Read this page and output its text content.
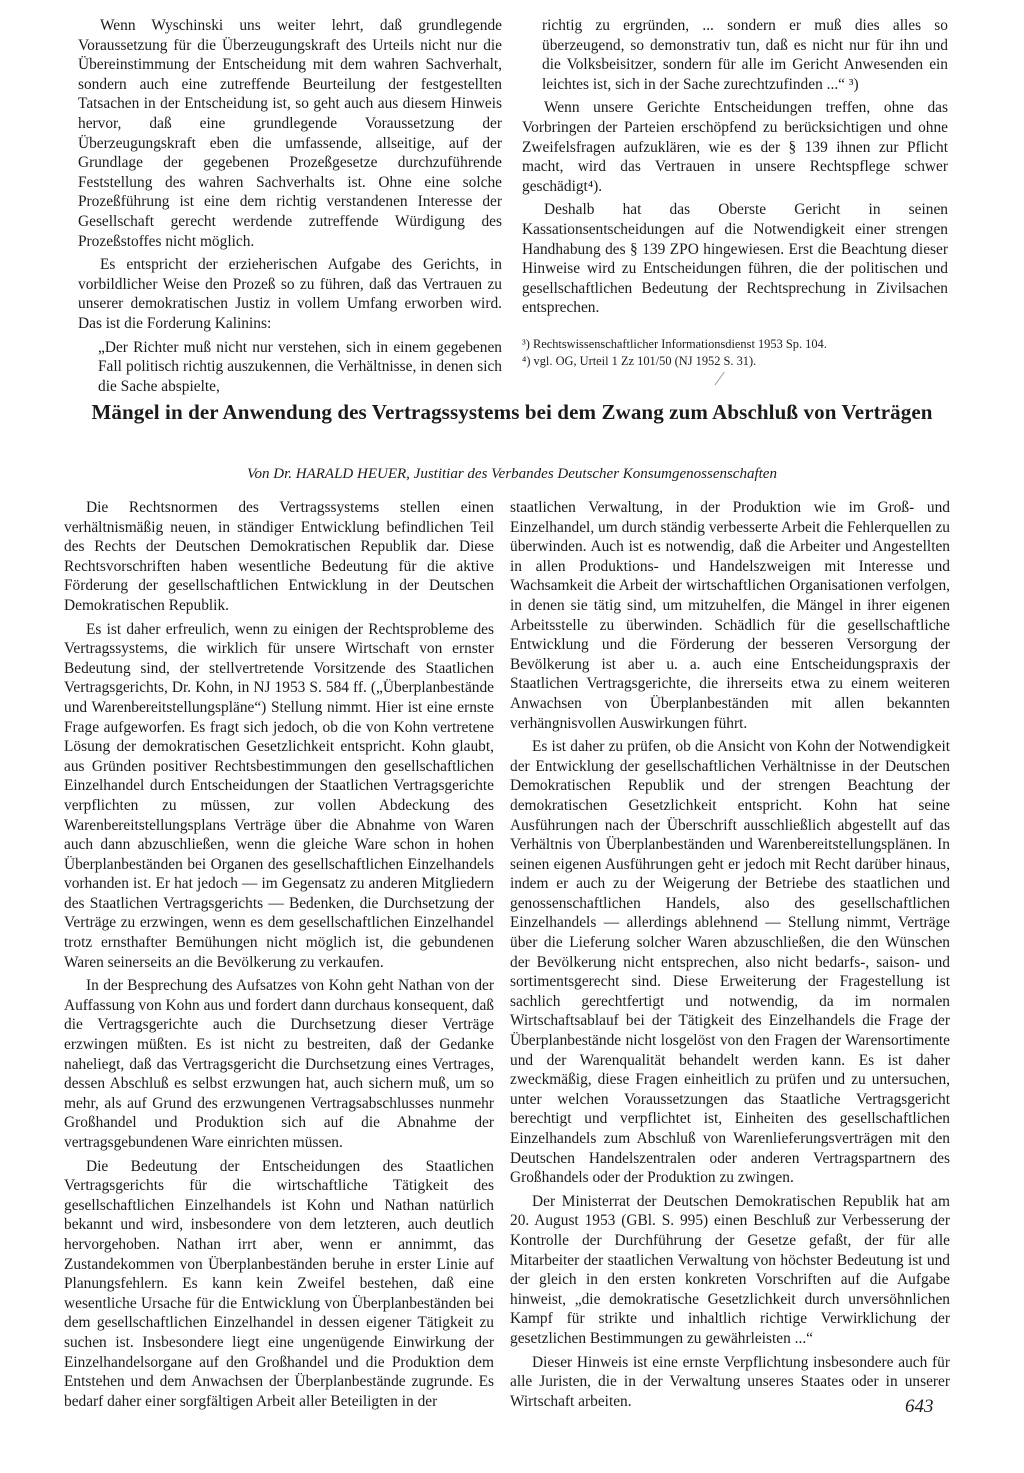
Wenn Wyschinski uns weiter lehrt, daß grundlegende Voraussetzung für die Überzeugungskraft des Urteils nicht nur die Übereinstimmung der Entscheidung mit dem wahren Sachverhalt, sondern auch eine zutreffende Beurteilung der festgestellten Tatsachen in der Entscheidung ist, so geht auch aus diesem Hinweis hervor, daß eine grundlegende Voraussetzung der Überzeugungskraft eben die umfassende, allseitige, auf der Grundlage der gegebenen Prozeßgesetze durchzuführende Feststellung des wahren Sachverhalts ist. Ohne eine solche Prozeßführung ist eine dem richtig verstandenen Interesse der Gesellschaft gerecht werdende zutreffende Würdigung des Prozeßstoffes nicht möglich.

Es entspricht der erzieherischen Aufgabe des Gerichts, in vorbildlicher Weise den Prozeß so zu führen, daß das Vertrauen zu unserer demokratischen Justiz in vollem Umfang erworben wird. Das ist die Forderung Kalinins:

„Der Richter muß nicht nur verstehen, sich in einem gegebenen Fall politisch richtig auszukennen, die Verhältnisse, in denen sich die Sache abspielte,

richtig zu ergründen, ... sondern er muß dies alles so überzeugend, so demonstrativ tun, daß es nicht nur für ihn und die Volksbeisitzer, sondern für alle im Gericht Anwesenden ein leichtes ist, sich in der Sache zurechtzufinden ...“ ³)

Wenn unsere Gerichte Entscheidungen treffen, ohne das Vorbringen der Parteien erschöpfend zu berücksichtigen und ohne Zweifelsfragen aufzuklären, wie es der § 139 ihnen zur Pflicht macht, wird das Vertrauen in unsere Rechtspflege schwer geschädigt⁴).

Deshalb hat das Oberste Gericht in seinen Kassationsentscheidungen auf die Notwendigkeit einer strengen Handhabung des § 139 ZPO hingewiesen. Erst die Beachtung dieser Hinweise wird zu Entscheidungen führen, die der politischen und gesellschaftlichen Bedeutung der Rechtsprechung in Zivilsachen entsprechen.

³) Rechtswissenschaftlicher Informationsdienst 1953 Sp. 104.
⁴) vgl. OG, Urteil 1 Zz 101/50 (NJ 1952 S. 31).
⁄
Mängel in der Anwendung des Vertragssystems bei dem Zwang zum Abschluß von Verträgen

Von Dr. HARALD HEUER, Justitiar des Verbandes Deutscher Konsumgenossenschaften

Die Rechtsnormen des Vertragssystems stellen einen verhältnismäßig neuen, in ständiger Entwicklung befindlichen Teil des Rechts der Deutschen Demokratischen Republik dar. Diese Rechtsvorschriften haben wesentliche Bedeutung für die aktive Förderung der gesellschaftlichen Entwicklung in der Deutschen Demokratischen Republik.

Es ist daher erfreulich, wenn zu einigen der Rechtsprobleme des Vertragssystems, die wirklich für unsere Wirtschaft von ernster Bedeutung sind, der stellvertretende Vorsitzende des Staatlichen Vertragsgerichts, Dr. Kohn, in NJ 1953 S. 584 ff. („Überplanbestände und Warenbereitstellungspläne“) Stellung nimmt. Hier ist eine ernste Frage aufgeworfen. Es fragt sich jedoch, ob die von Kohn vertretene Lösung der demokratischen Gesetzlichkeit entspricht. Kohn glaubt, aus Gründen positiver Rechtsbestimmungen den gesellschaftlichen Einzelhandel durch Entscheidungen der Staatlichen Vertragsgerichte verpflichten zu müssen, zur vollen Abdeckung des Warenbereitstellungsplans Verträge über die Abnahme von Waren auch dann abzuschließen, wenn die gleiche Ware schon in hohen Überplanbeständen bei Organen des gesellschaftlichen Einzelhandels vorhanden ist. Er hat jedoch — im Gegensatz zu anderen Mitgliedern des Staatlichen Vertragsgerichts — Bedenken, die Durchsetzung der Verträge zu erzwingen, wenn es dem gesellschaftlichen Einzelhandel trotz ernsthafter Bemühungen nicht möglich ist, die gebundenen Waren seinerseits an die Bevölkerung zu verkaufen.

In der Besprechung des Aufsatzes von Kohn geht Nathan von der Auffassung von Kohn aus und fordert dann durchaus konsequent, daß die Vertragsgerichte auch die Durchsetzung dieser Verträge erzwingen müßten. Es ist nicht zu bestreiten, daß der Gedanke naheliegt, daß das Vertragsgericht die Durchsetzung eines Vertrages, dessen Abschluß es selbst erzwungen hat, auch sichern muß, um so mehr, als auf Grund des erzwungenen Vertragsabschlusses nunmehr Großhandel und Produktion sich auf die Abnahme der vertragsgebundenen Ware einrichten müssen.

Die Bedeutung der Entscheidungen des Staatlichen Vertragsgerichts für die wirtschaftliche Tätigkeit des gesellschaftlichen Einzelhandels ist Kohn und Nathan natürlich bekannt und wird, insbesondere von dem letzteren, auch deutlich hervorgehoben. Nathan irrt aber, wenn er annimmt, das Zustandekommen von Überplanbeständen beruhe in erster Linie auf Planungsfehlern. Es kann kein Zweifel bestehen, daß eine wesentliche Ursache für die Entwicklung von Überplanbeständen bei dem gesellschaftlichen Einzelhandel in dessen eigener Tätigkeit zu suchen ist. Insbesondere liegt eine ungenügende Einwirkung der Einzelhandelsorgane auf den Großhandel und die Produktion dem Entstehen und dem Anwachsen der Überplanbestände zugrunde. Es bedarf daher einer sorgfältigen Arbeit aller Beteiligten in der

staatlichen Verwaltung, in der Produktion wie im Groß- und Einzelhandel, um durch ständig verbesserte Arbeit die Fehlerquellen zu überwinden. Auch ist es notwendig, daß die Arbeiter und Angestellten in allen Produktions- und Handelszweigen mit Interesse und Wachsamkeit die Arbeit der wirtschaftlichen Organisationen verfolgen, in denen sie tätig sind, um mitzuhelfen, die Mängel in ihrer eigenen Arbeitsstelle zu überwinden. Schädlich für die gesellschaftliche Entwicklung und die Förderung der besseren Versorgung der Bevölkerung ist aber u. a. auch eine Entscheidungspraxis der Staatlichen Vertragsgerichte, die ihrerseits etwa zu einem weiteren Anwachsen von Überplanbeständen mit allen bekannten verhängnisvollen Auswirkungen führt.

Es ist daher zu prüfen, ob die Ansicht von Kohn der Notwendigkeit der Entwicklung der gesellschaftlichen Verhältnisse in der Deutschen Demokratischen Republik und der strengen Beachtung der demokratischen Gesetzlichkeit entspricht. Kohn hat seine Ausführungen nach der Überschrift ausschließlich abgestellt auf das Verhältnis von Überplanbeständen und Warenbereitstellungsplänen. In seinen eigenen Ausführungen geht er jedoch mit Recht darüber hinaus, indem er auch zu der Weigerung der Betriebe des staatlichen und genossenschaftlichen Handels, also des gesellschaftlichen Einzelhandels — allerdings ablehnend — Stellung nimmt, Verträge über die Lieferung solcher Waren abzuschließen, die den Wünschen der Bevölkerung nicht entsprechen, also nicht bedarfs-, saison- und sortimentsgerecht sind. Diese Erweiterung der Fragestellung ist sachlich gerechtfertigt und notwendig, da im normalen Wirtschaftsablauf bei der Tätigkeit des Einzelhandels die Frage der Überplanbestände nicht losgelöst von den Fragen der Warensortimente und der Warenqualität behandelt werden kann. Es ist daher zweckmäßig, diese Fragen einheitlich zu prüfen und zu untersuchen, unter welchen Voraussetzungen das Staatliche Vertragsgericht berechtigt und verpflichtet ist, Einheiten des gesellschaftlichen Einzelhandels zum Abschluß von Warenlieferungsverträgen mit den Deutschen Handelszentralen oder anderen Vertragspartnern des Großhandels oder der Produktion zu zwingen.

Der Ministerrat der Deutschen Demokratischen Republik hat am 20. August 1953 (GBl. S. 995) einen Beschluß zur Verbesserung der Kontrolle der Durchführung der Gesetze gefaßt, der für alle Mitarbeiter der staatlichen Verwaltung von höchster Bedeutung ist und der gleich in den ersten konkreten Vorschriften auf die Aufgabe hinweist, „die demokratische Gesetzlichkeit durch unversöhnlichen Kampf für strikte und inhaltlich richtige Verwirklichung der gesetzlichen Bestimmungen zu gewährleisten ...“

Dieser Hinweis ist eine ernste Verpflichtung insbesondere auch für alle Juristen, die in der Verwaltung unseres Staates oder in unserer Wirtschaft arbeiten.	643
